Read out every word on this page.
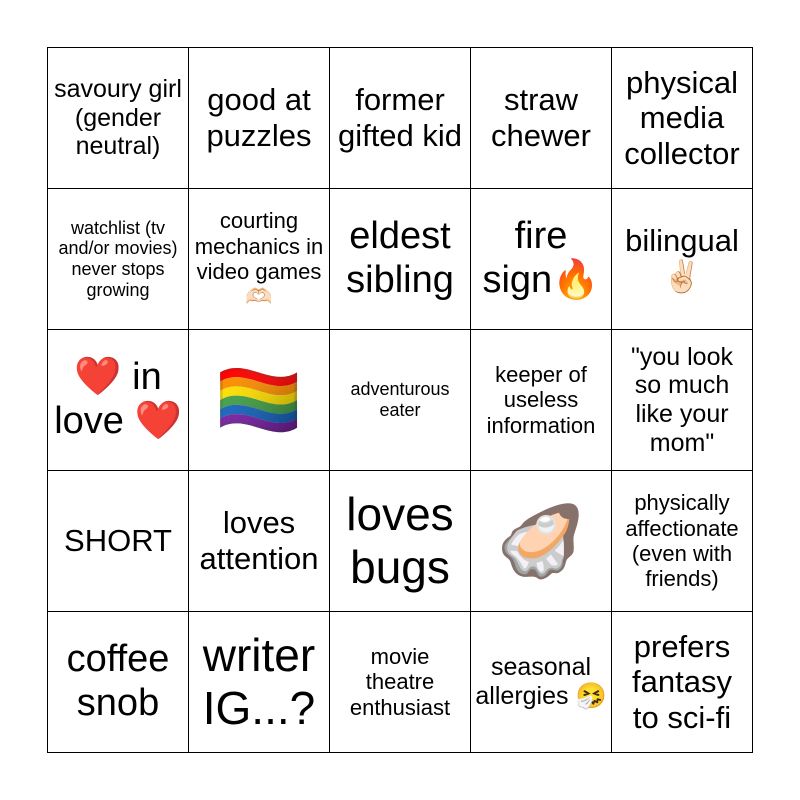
savoury girl (gender neutral)
good at puzzles
former gifted kid
straw chewer
physical media collector
watchlist (tv and/or movies) never stops growing
courting mechanics in video games 🫶🏻
eldest sibling
fire sign🔥
bilingual ✌🏻
❤️ in love ❤️ 🏳️‍🌈	adventurous eater
keeper of useless information
"you look so much like your mom"
SHORT
loves attention
loves bugs 🦪	physically affectionate (even with friends)
coffee snob
writer IG...?
movie theatre enthusiast
seasonal allergies 🤧
prefers fantasy to sci-fi
